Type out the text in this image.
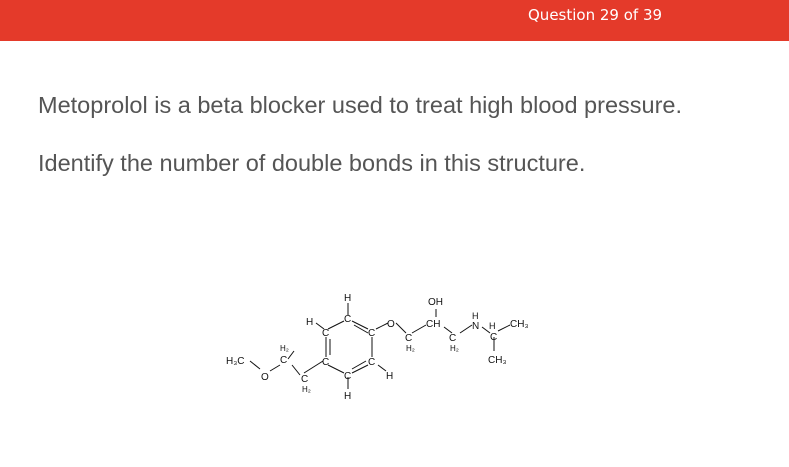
Question 29 of 39
Metoprolol is a beta blocker used to treat high blood pressure.
Identify the number of double bonds in this structure.
H₃C
O
H₂
C
C
H₂
H
H	C
C	C
C	C
C
H
H
O
C
H₂
OH
CH
C
H₂
H
N
C
H CH₃
CH₃
